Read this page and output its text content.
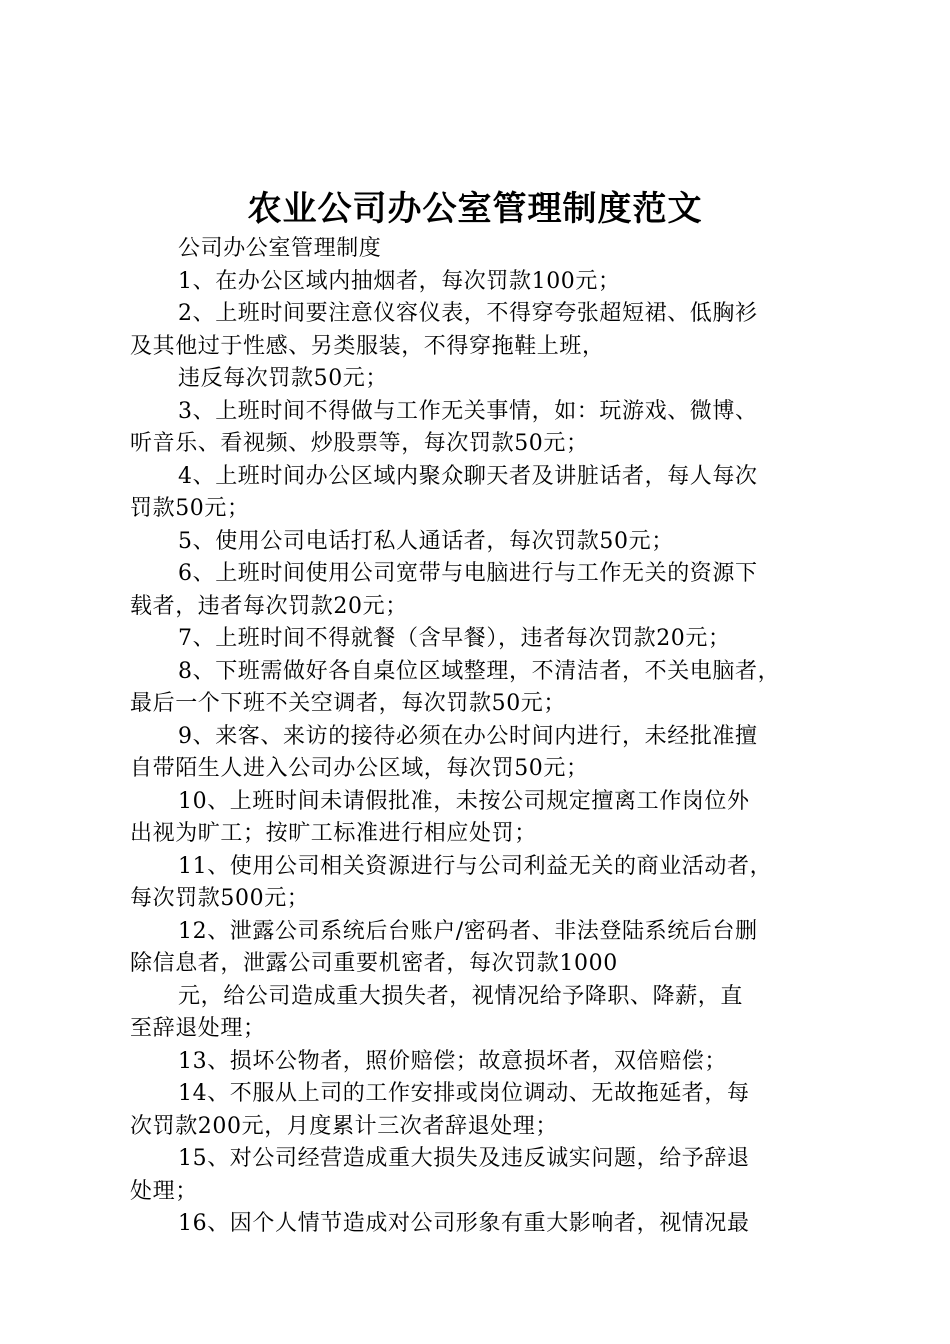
农业公司办公室管理制度范文
公司办公室管理制度
1、在办公区域内抽烟者，每次罚款100元；
2、上班时间要注意仪容仪表，不得穿夸张超短裙、低胸衫
及其他过于性感、另类服装，不得穿拖鞋上班，
违反每次罚款50元；
3、上班时间不得做与工作无关事情，如：玩游戏、微博、
听音乐、看视频、炒股票等，每次罚款50元；
4、上班时间办公区域内聚众聊天者及讲脏话者，每人每次
罚款50元；
5、使用公司电话打私人通话者，每次罚款50元；
6、上班时间使用公司宽带与电脑进行与工作无关的资源下
载者，违者每次罚款20元；
7、上班时间不得就餐（含早餐），违者每次罚款20元；
8、下班需做好各自桌位区域整理，不清洁者，不关电脑者，
最后一个下班不关空调者，每次罚款50元；
9、来客、来访的接待必须在办公时间内进行，未经批准擅
自带陌生人进入公司办公区域，每次罚50元；
10、上班时间未请假批准，未按公司规定擅离工作岗位外
出视为旷工；按旷工标准进行相应处罚；
11、使用公司相关资源进行与公司利益无关的商业活动者，
每次罚款500元；
12、泄露公司系统后台账户/密码者、非法登陆系统后台删
除信息者，泄露公司重要机密者，每次罚款1000
元，给公司造成重大损失者，视情况给予降职、降薪，直
至辞退处理；
13、损坏公物者，照价赔偿；故意损坏者，双倍赔偿；
14、不服从上司的工作安排或岗位调动、无故拖延者，每
次罚款200元，月度累计三次者辞退处理；
15、对公司经营造成重大损失及违反诚实问题，给予辞退
处理；
16、因个人情节造成对公司形象有重大影响者，视情况最
